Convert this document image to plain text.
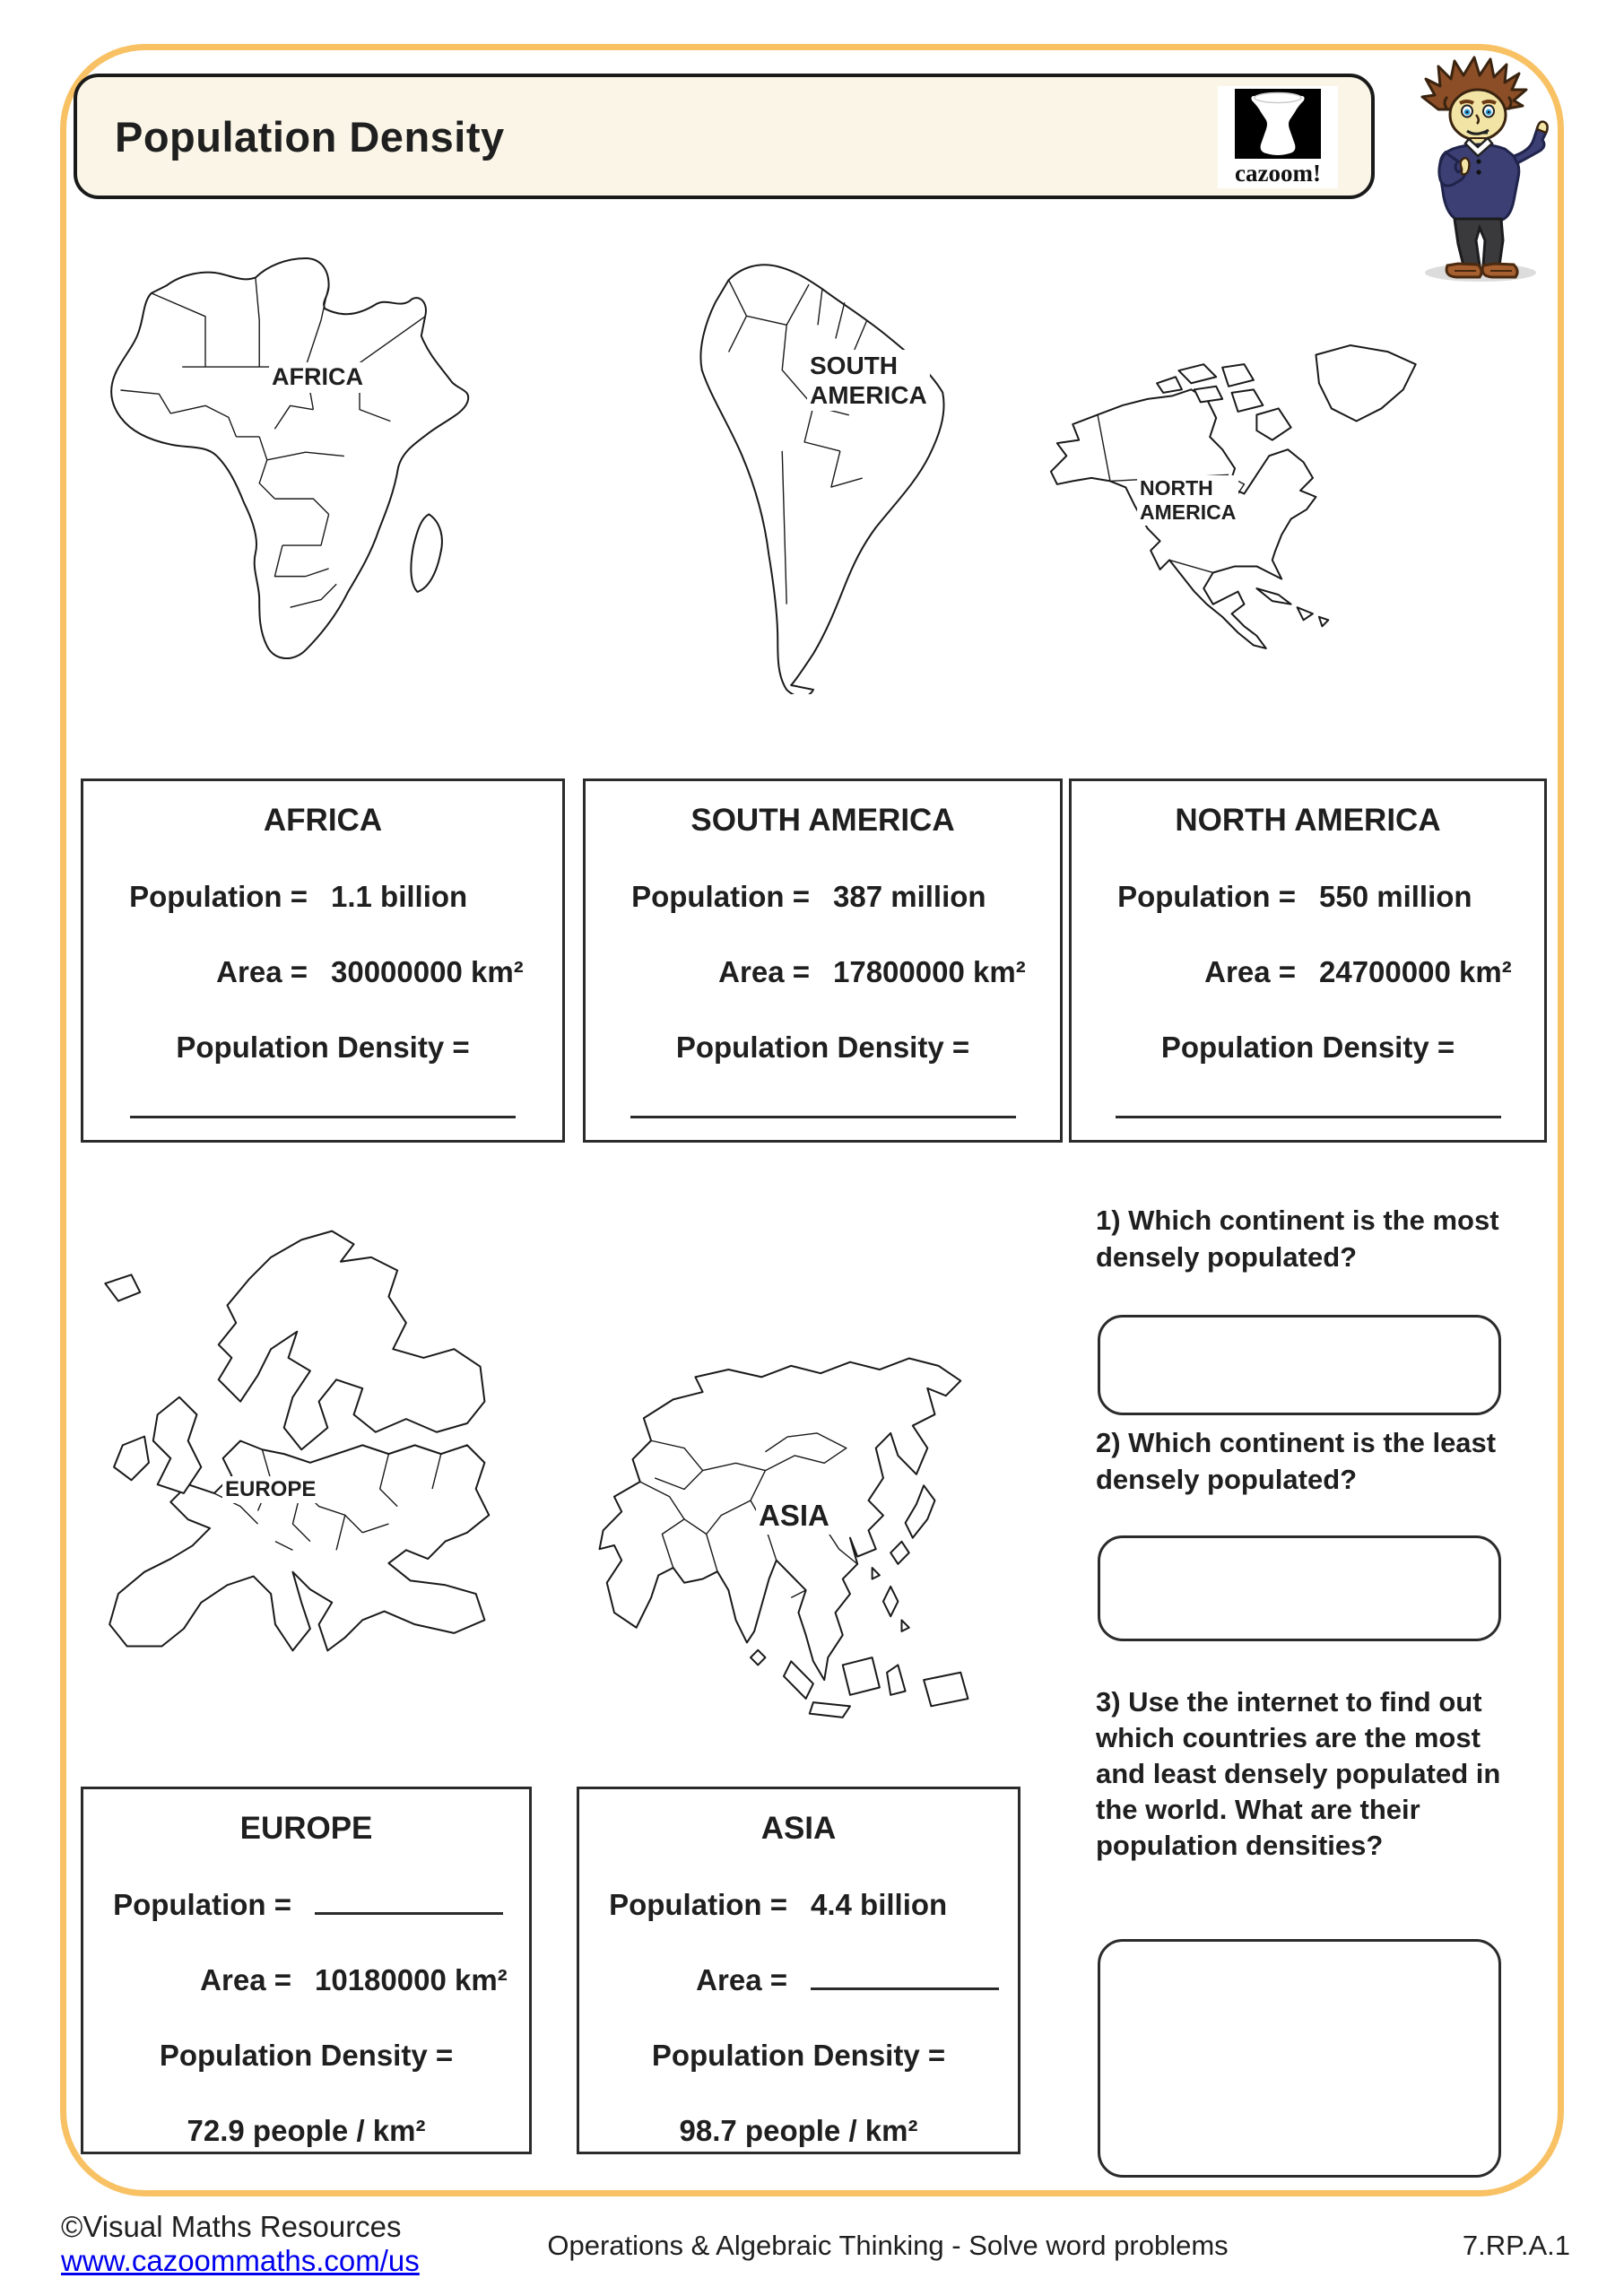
Population Density
cazoom!
AFRICA	SOUTH
AMERICA
NORTH
AMERICA
EUROPE
ASIA
AFRICA
Population = 1.1 billion
Area = 30000000 km²
Population Density =
SOUTH AMERICA
Population = 387 million
Area = 17800000 km²
Population Density =
NORTH AMERICA
Population = 550 million
Area = 24700000 km²
Population Density =
1) Which continent is the most densely populated?
2) Which continent is the least densely populated?
3) Use the internet to find out which countries are the most and least densely populated in the world. What are their population densities?
EUROPE
Population =
Area = 10180000 km²
Population Density =
72.9 people / km²
ASIA
Population = 4.4 billion
Area =
Population Density =
98.7 people / km²
©Visual Maths Resources
www.cazoommaths.com/us	Operations & Algebraic Thinking - Solve word problems	7.RP.A.1
